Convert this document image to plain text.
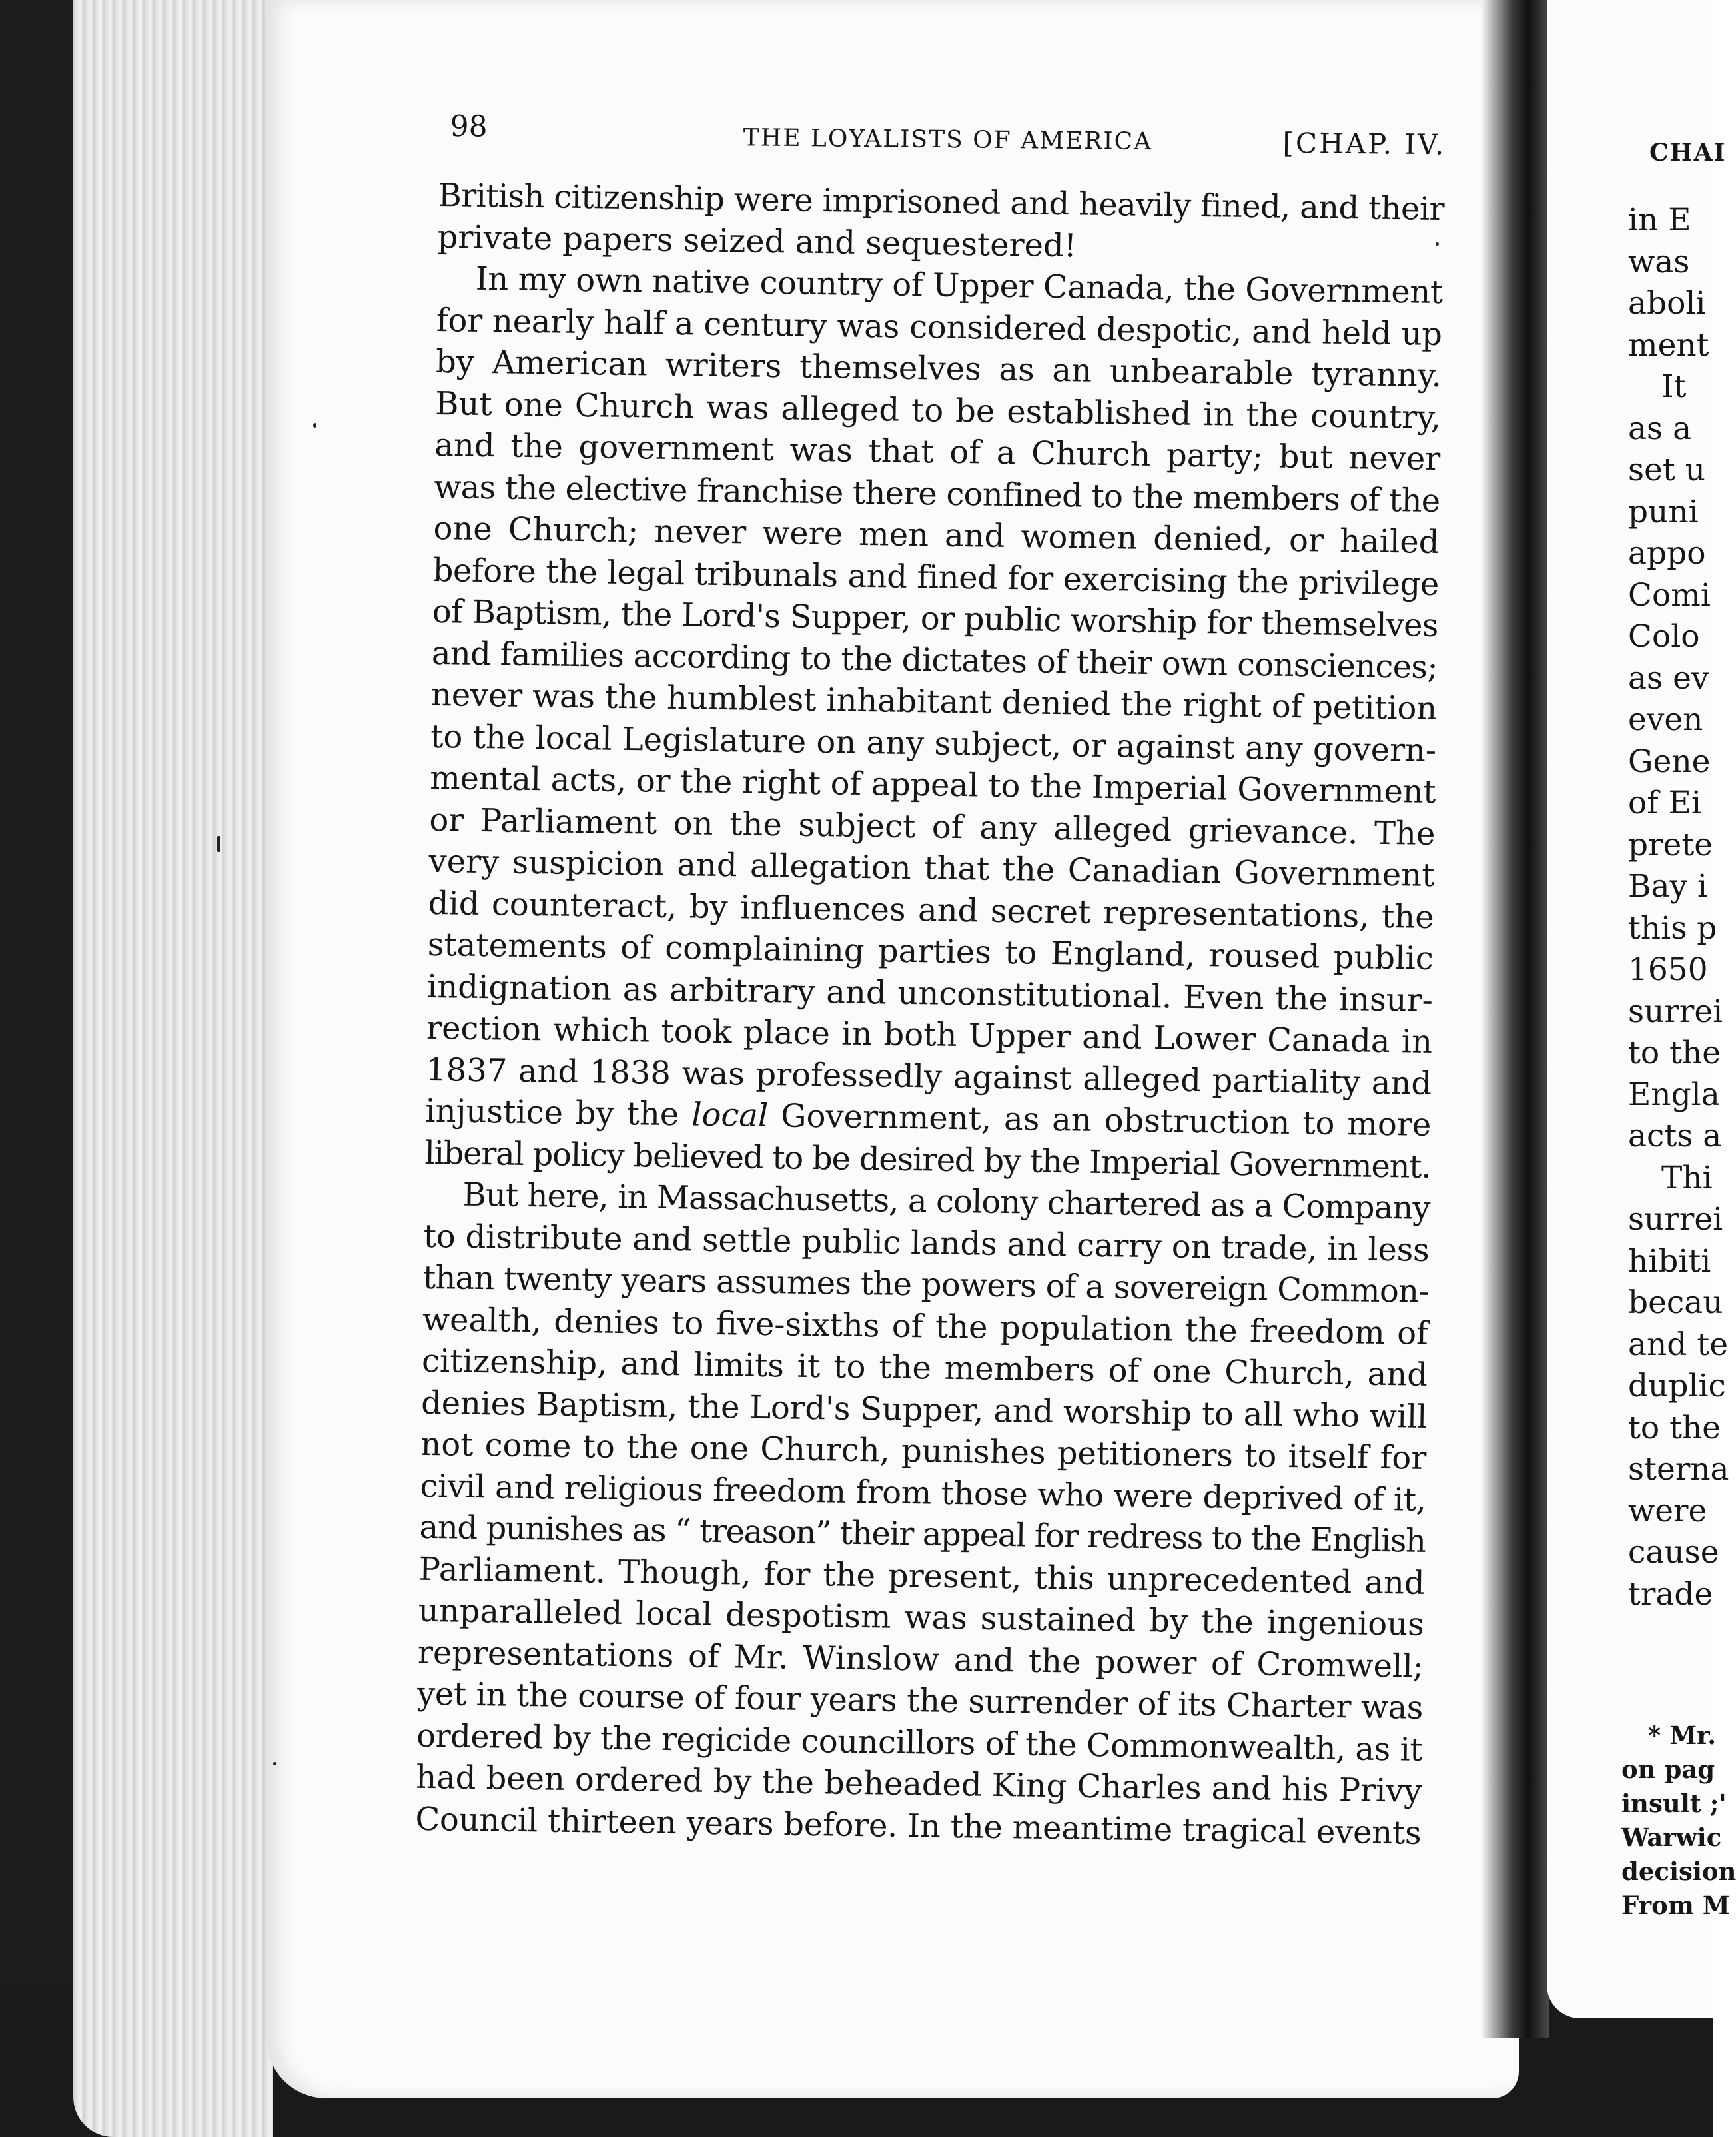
98	THE LOYALISTS OF AMERICA	[CHAP. IV.

British citizenship were imprisoned and heavily fined, and their
private papers seized and sequestered!

In my own native country of Upper Canada, the Government
for nearly half a century was considered despotic, and held up
by American writers themselves as an unbearable tyranny.
But one Church was alleged to be established in the country,
and the government was that of a Church party; but never
was the elective franchise there confined to the members of the
one Church; never were men and women denied, or hailed
before the legal tribunals and fined for exercising the privilege
of Baptism, the Lord's Supper, or public worship for themselves
and families according to the dictates of their own consciences;
never was the humblest inhabitant denied the right of petition
to the local Legislature on any subject, or against any govern-
mental acts, or the right of appeal to the Imperial Government
or Parliament on the subject of any alleged grievance. The
very suspicion and allegation that the Canadian Government
did counteract, by influences and secret representations, the
statements of complaining parties to England, roused public
indignation as arbitrary and unconstitutional. Even the insur-
rection which took place in both Upper and Lower Canada in
1837 and 1838 was professedly against alleged partiality and
injustice by the local Government, as an obstruction to more
liberal policy believed to be desired by the Imperial Government.

But here, in Massachusetts, a colony chartered as a Company
to distribute and settle public lands and carry on trade, in less
than twenty years assumes the powers of a sovereign Common-
wealth, denies to five-sixths of the population the freedom of
citizenship, and limits it to the members of one Church, and
denies Baptism, the Lord's Supper, and worship to all who will
not come to the one Church, punishes petitioners to itself for
civil and religious freedom from those who were deprived of it,
and punishes as “ treason” their appeal for redress to the English
Parliament. Though, for the present, this unprecedented and
unparalleled local despotism was sustained by the ingenious
representations of Mr. Winslow and the power of Cromwell;
yet in the course of four years the surrender of its Charter was
ordered by the regicide councillors of the Commonwealth, as it
had been ordered by the beheaded King Charles and his Privy
Council thirteen years before. In the meantime tragical events

CHAI
in E
was
aboli
ment
It
as a
set u
puni
appo
Comi
Colo
as ev
even
Gene
of Ei
prete
Bay i
this p
1650
surrei
to the
Engla
acts a
Thi
surrei
hibiti
becau
and te
duplic
to the
sterna
were
cause
trade
* Mr.
on pag
insult ;'
Warwic
decision
From M
